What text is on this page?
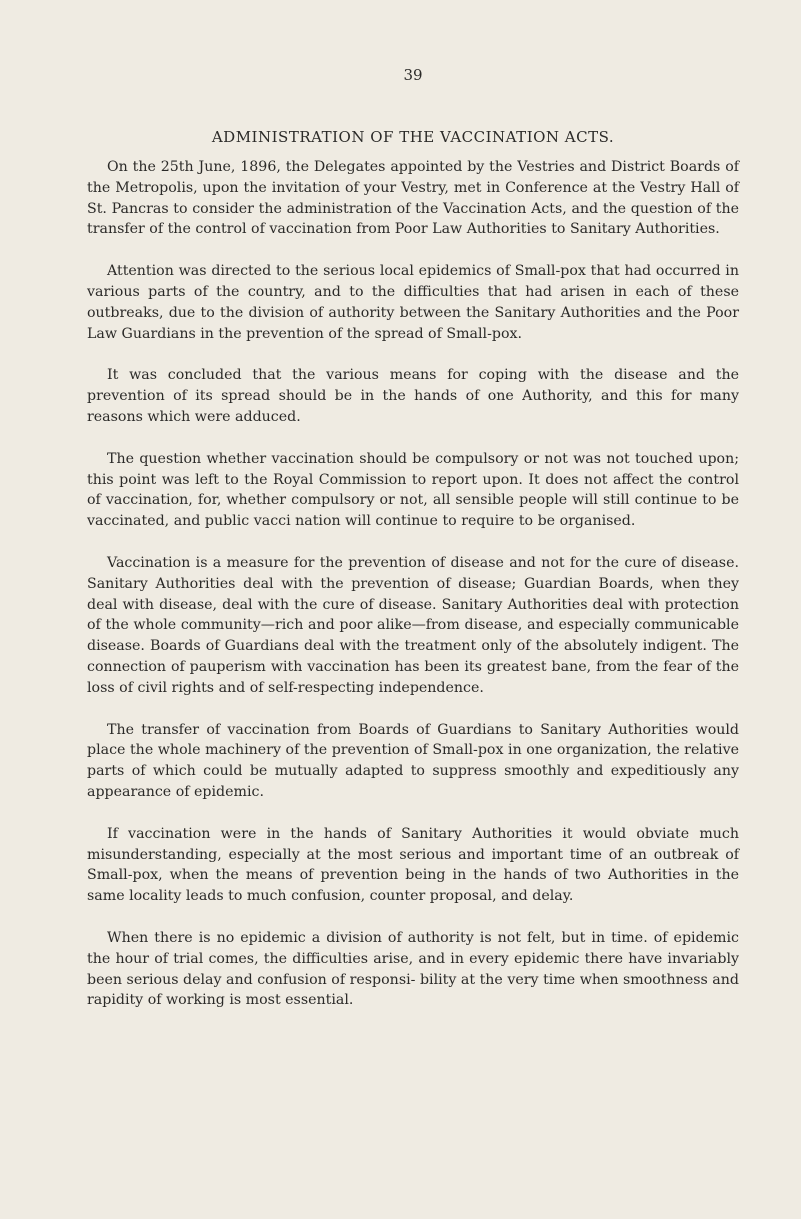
39
ADMINISTRATION OF THE VACCINATION ACTS.

On the 25th June, 1896, the Delegates appointed by the Vestries and District Boards of the Metropolis, upon the invitation of your Vestry, met in Conference at the Vestry Hall of St. Pancras to consider the administration of the Vaccination Acts, and the question of the transfer of the control of vaccination from Poor Law Authorities to Sanitary Authorities.

Attention was directed to the serious local epidemics of Small-pox that had occurred in various parts of the country, and to the difficulties that had arisen in each of these outbreaks, due to the division of authority between the Sanitary Authorities and the Poor Law Guardians in the prevention of the spread of Small-pox.

It was concluded that the various means for coping with the disease and the prevention of its spread should be in the hands of one Authority, and this for many reasons which were adduced.

The question whether vaccination should be compulsory or not was not touched upon; this point was left to the Royal Commission to report upon. It does not affect the control of vaccination, for, whether compulsory or not, all sensible people will still continue to be vaccinated, and public vacci nation will continue to require to be organised.

Vaccination is a measure for the prevention of disease and not for the cure of disease. Sanitary Authorities deal with the prevention of disease; Guardian Boards, when they deal with disease, deal with the cure of disease. Sanitary Authorities deal with protection of the whole community—rich and poor alike—from disease, and especially communicable disease. Boards of Guardians deal with the treatment only of the absolutely indigent. The connection of pauperism with vaccination has been its greatest bane, from the fear of the loss of civil rights and of self-respecting independence.

The transfer of vaccination from Boards of Guardians to Sanitary Authorities would place the whole machinery of the prevention of Small-pox in one organization, the relative parts of which could be mutually adapted to suppress smoothly and expeditiously any appearance of epidemic.

If vaccination were in the hands of Sanitary Authorities it would obviate much misunderstanding, especially at the most serious and important time of an outbreak of Small-pox, when the means of prevention being in the hands of two Authorities in the same locality leads to much confusion, counter proposal, and delay.

When there is no epidemic a division of authority is not felt, but in time. of epidemic the hour of trial comes, the difficulties arise, and in every epidemic there have invariably been serious delay and confusion of responsi- bility at the very time when smoothness and rapidity of working is most essential.
